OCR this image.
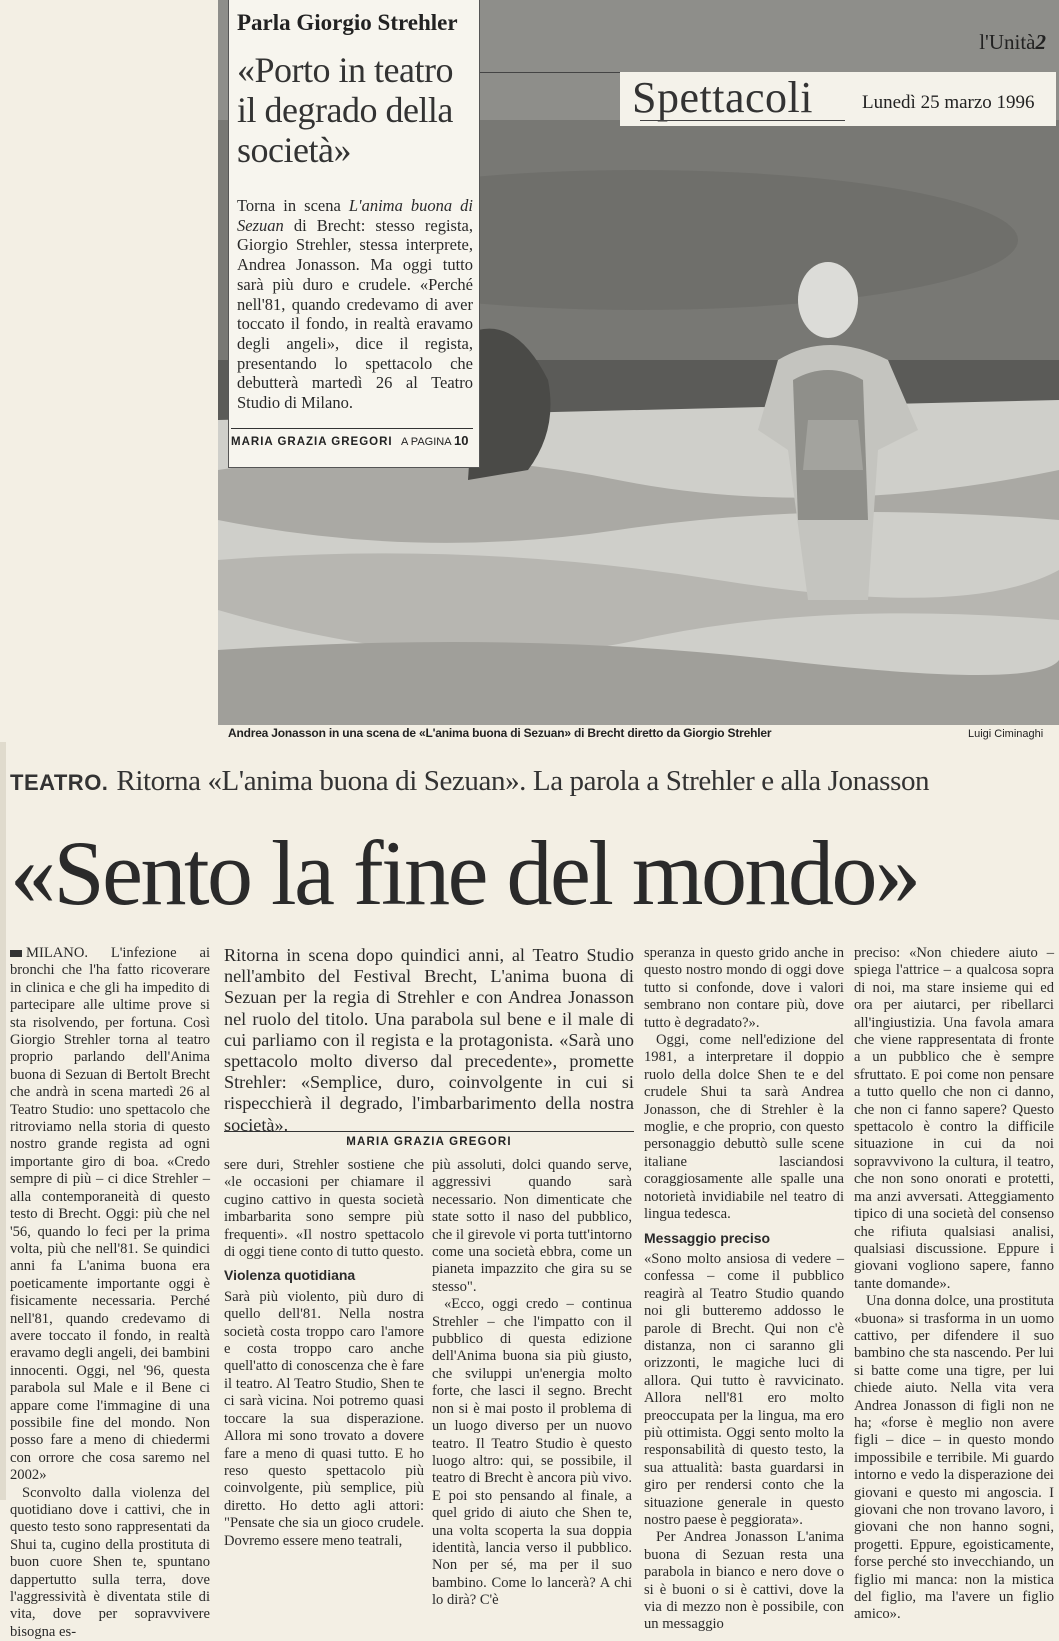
Parla Giorgio Strehler
«Porto in teatro il degrado della società»
Torna in scena L'anima buona di Sezuan di Brecht: stesso regista, Giorgio Strehler, stessa interprete, Andrea Jonasson. Ma oggi tutto sarà più duro e crudele. «Perché nell'81, quando credevamo di aver toccato il fondo, in realtà eravamo degli angeli», dice il regista, presentando lo spettacolo che debutterà martedì 26 al Teatro Studio di Milano.
MARIA GRAZIA GREGORI A PAGINA 10
l'Unità2
Spettacoli	Lunedì 25 marzo 1996
Andrea Jonasson in una scena de «L'anima buona di Sezuan» di Brecht diretto da Giorgio Strehler	Luigi Ciminaghi
TEATRO. Ritorna «L'anima buona di Sezuan». La parola a Strehler e alla Jonasson
«Sento la fine del mondo»

MILANO. L'infezione ai bronchi che l'ha fatto ricoverare in clinica e che gli ha impedito di partecipare alle ultime prove si sta risolvendo, per fortuna. Così Giorgio Strehler torna al teatro proprio parlando dell'Anima buona di Sezuan di Bertolt Brecht che andrà in scena martedì 26 al Teatro Studio: uno spettacolo che ritroviamo nella storia di questo nostro grande regista ad ogni importante giro di boa. «Credo sempre di più – ci dice Strehler – alla contemporaneità di questo testo di Brecht. Oggi: più che nel '56, quando lo feci per la prima volta, più che nell'81. Se quindici anni fa L'anima buona era poeticamente importante oggi è fisicamente necessaria. Perché nell'81, quando credevamo di avere toccato il fondo, in realtà eravamo degli angeli, dei bambini innocenti. Oggi, nel '96, questa parabola sul Male e il Bene ci appare come l'immagine di una possibile fine del mondo. Non posso fare a meno di chiedermi con orrore che cosa saremo nel 2002»

Sconvolto dalla violenza del quotidiano dove i cattivi, che in questo testo sono rappresentati da Shui ta, cugino della prostituta di buon cuore Shen te, spuntano dappertutto sulla terra, dove l'aggressività è diventata stile di vita, dove per sopravvivere bisogna es-

Ritorna in scena dopo quindici anni, al Teatro Studio nell'ambito del Festival Brecht, L'anima buona di Sezuan per la regia di Strehler e con Andrea Jonasson nel ruolo del titolo. Una parabola sul bene e il male di cui parliamo con il regista e la protagonista. «Sarà uno spettacolo molto diverso dal precedente», promette Strehler: «Semplice, duro, coinvolgente in cui si rispecchierà il degrado, l'imbarbarimento della nostra società».
MARIA GRAZIA GREGORI

sere duri, Strehler sostiene che «le occasioni per chiamare il cugino cattivo in questa società imbarbarita sono sempre più frequenti». «Il nostro spettacolo di oggi tiene conto di tutto questo.

Violenza quotidiana

Sarà più violento, più duro di quello dell'81. Nella nostra società costa troppo caro l'amore e costa troppo caro anche quell'atto di conoscenza che è fare il teatro. Al Teatro Studio, Shen te ci sarà vicina. Noi potremo quasi toccare la sua disperazione. Allora mi sono trovato a dovere fare a meno di quasi tutto. E ho reso questo spettacolo più coinvolgente, più semplice, più diretto. Ho detto agli attori: "Pensate che sia un gioco crudele. Dovremo essere meno teatrali,

più assoluti, dolci quando serve, aggressivi quando sarà necessario. Non dimenticate che state sotto il naso del pubblico, che il girevole vi porta tutt'intorno come una società ebbra, come un pianeta impazzito che gira su se stesso".

«Ecco, oggi credo – continua Strehler – che l'impatto con il pubblico di questa edizione dell'Anima buona sia più giusto, che sviluppi un'energia molto forte, che lasci il segno. Brecht non si è mai posto il problema di un luogo diverso per un nuovo teatro. Il Teatro Studio è questo luogo altro: qui, se possibile, il teatro di Brecht è ancora più vivo. E poi sto pensando al finale, a quel grido di aiuto che Shen te, una volta scoperta la sua doppia identità, lancia verso il pubblico. Non per sé, ma per il suo bambino. Come lo lancerà? A chi lo dirà? C'è

speranza in questo grido anche in questo nostro mondo di oggi dove tutto si confonde, dove i valori sembrano non contare più, dove tutto è degradato?».

Oggi, come nell'edizione del 1981, a interpretare il doppio ruolo della dolce Shen te e del crudele Shui ta sarà Andrea Jonasson, che di Strehler è la moglie, e che proprio, con questo personaggio debuttò sulle scene italiane lasciandosi coraggiosamente alle spalle una notorietà invidiabile nel teatro di lingua tedesca.

Messaggio preciso

«Sono molto ansiosa di vedere – confessa – come il pubblico reagirà al Teatro Studio quando noi gli butteremo addosso le parole di Brecht. Qui non c'è distanza, non ci saranno gli orizzonti, le magiche luci di allora. Qui tutto è ravvicinato. Allora nell'81 ero molto preoccupata per la lingua, ma ero più ottimista. Oggi sento molto la responsabilità di questo testo, la sua attualità: basta guardarsi in giro per rendersi conto che la situazione generale in questo nostro paese è peggiorata».

Per Andrea Jonasson L'anima buona di Sezuan resta una parabola in bianco e nero dove o si è buoni o si è cattivi, dove la via di mezzo non è possibile, con un messaggio

preciso: «Non chiedere aiuto – spiega l'attrice – a qualcosa sopra di noi, ma stare insieme qui ed ora per aiutarci, per ribellarci all'ingiustizia. Una favola amara che viene rappresentata di fronte a un pubblico che è sempre sfruttato. E poi come non pensare a tutto quello che non ci danno, che non ci fanno sapere? Questo spettacolo è contro la difficile situazione in cui da noi sopravvivono la cultura, il teatro, che non sono onorati e protetti, ma anzi avversati. Atteggiamento tipico di una società del consenso che rifiuta qualsiasi analisi, qualsiasi discussione. Eppure i giovani vogliono sapere, fanno tante domande».

Una donna dolce, una prostituta «buona» si trasforma in un uomo cattivo, per difendere il suo bambino che sta nascendo. Per lui si batte come una tigre, per lui chiede aiuto. Nella vita vera Andrea Jonasson di figli non ne ha; «forse è meglio non avere figli – dice – in questo mondo impossibile e terribile. Mi guardo intorno e vedo la disperazione dei giovani e questo mi angoscia. I giovani che non trovano lavoro, i giovani che non hanno sogni, progetti. Eppure, egoisticamente, forse perché sto invecchiando, un figlio mi manca: non la mistica del figlio, ma l'avere un figlio amico».
